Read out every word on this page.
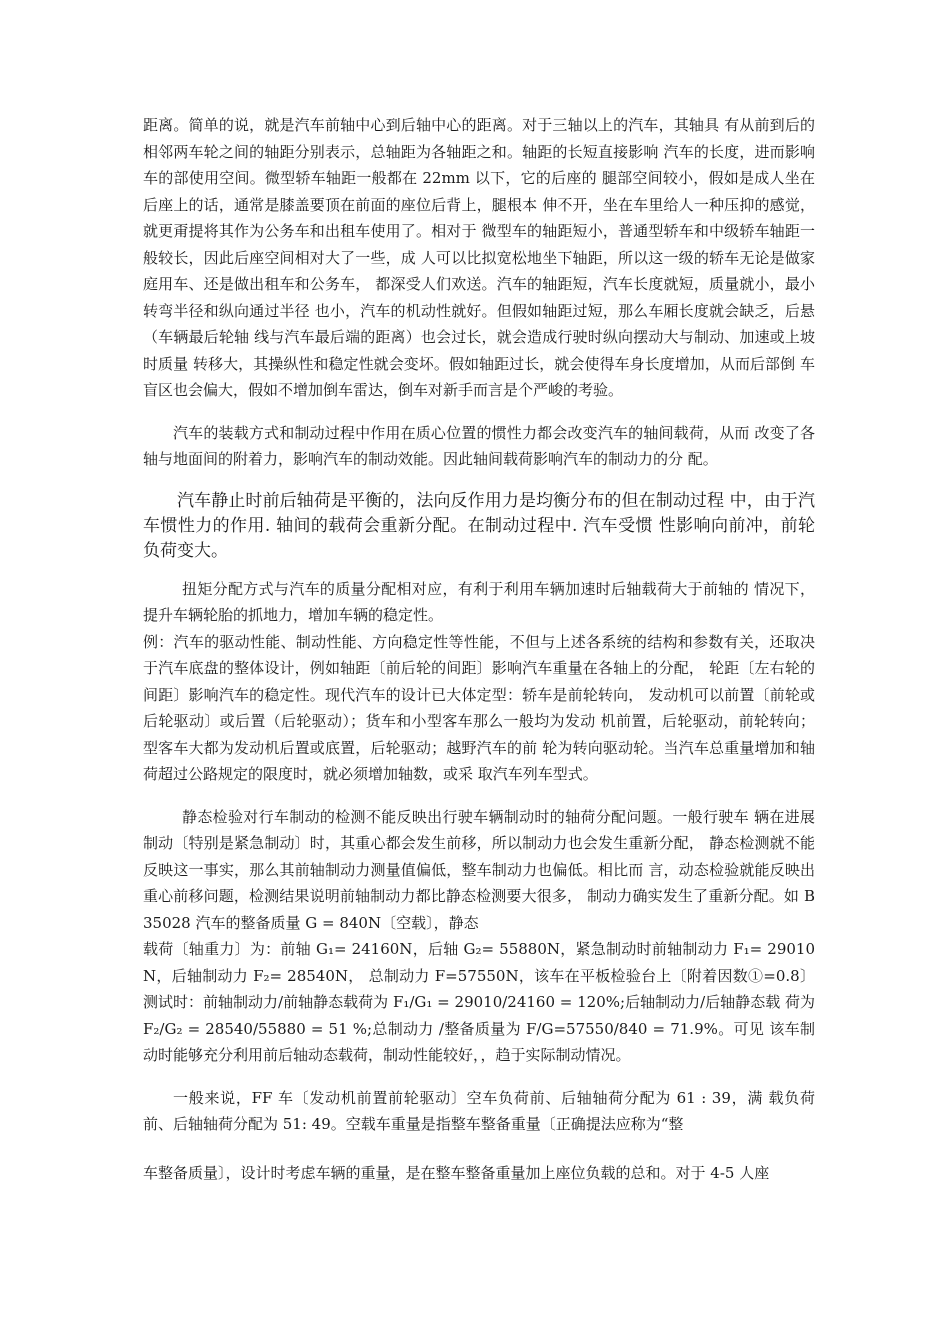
距离。简单的说，就是汽车前轴中心到后轴中心的距离。对于三轴以上的汽车，其轴具 有从前到后的相邻两车轮之间的轴距分别表示，总轴距为各轴距之和。轴距的长短直接影响 汽车的长度，进而影响车的部使用空间。微型轿车轴距一般都在 22mm 以下，它的后座的 腿部空间较小，假如是成人坐在后座上的话，通常是膝盖要顶在前面的座位后背上，腿根本 伸不开，坐在车里给人一种压抑的感觉，就更甭提将其作为公务车和出租车使用了。相对于 微型车的轴距短小，普通型轿车和中级轿车轴距一般较长，因此后座空间相对大了一些，成 人可以比拟宽松地坐下轴距，所以这一级的轿车无论是做家庭用车、还是做出租车和公务车， 都深受人们欢送。汽车的轴距短，汽车长度就短，质量就小，最小转弯半径和纵向通过半径 也小，汽车的机动性就好。但假如轴距过短，那么车厢长度就会缺乏，后悬（车辆最后轮轴 线与汽车最后端的距离）也会过长，就会造成行驶时纵向摆动大与制动、加速或上坡时质量 转移大，其操纵性和稳定性就会变坏。假如轴距过长，就会使得车身长度增加，从而后部倒 车盲区也会偏大，假如不增加倒车雷达，倒车对新手而言是个严峻的考验。

汽车的装载方式和制动过程中作用在质心位置的惯性力都会改变汽车的轴间载荷，从而 改变了各轴与地面间的附着力，影响汽车的制动效能。因此轴间载荷影响汽车的制动力的分 配。

汽车静止时前后轴荷是平衡的，法向反作用力是均衡分布的但在制动过程 中，由于汽车惯性力的作用. 轴间的载荷会重新分配。在制动过程中. 汽车受惯 性影响向前冲，前轮负荷变大。

扭矩分配方式与汽车的质量分配相对应，有利于利用车辆加速时后轴载荷大于前轴的 情况下，提升车辆轮胎的抓地力，增加车辆的稳定性。

例：汽车的驱动性能、制动性能、方向稳定性等性能，不但与上述各系统的结构和参数有关，还取决于汽车底盘的整体设计，例如轴距〔前后轮的间距〕影响汽车重量在各轴上的分配， 轮距〔左右轮的间距〕影响汽车的稳定性。现代汽车的设计已大体定型：轿车是前轮转向， 发动机可以前置〔前轮或后轮驱动〕或后置（后轮驱动）；货车和小型客车那么一般均为发动 机前置，后轮驱动，前轮转向；型客车大都为发动机后置或底置，后轮驱动；越野汽车的前 轮为转向驱动轮。当汽车总重量增加和轴荷超过公路规定的限度时，就必须增加轴数，或采 取汽车列车型式。

静态检验对行车制动的检测不能反映出行驶车辆制动时的轴荷分配问题。一般行驶车 辆在进展制动〔特别是紧急制动〕时，其重心都会发生前移，所以制动力也会发生重新分配， 静态检测就不能反映这一事实，那么其前轴制动力测量值偏低，整车制动力也偏低。相比而 言，动态检验就能反映出重心前移问题，检测结果说明前轴制动力都比静态检测要大很多， 制动力确实发生了重新分配。如 B35028 汽车的整备质量 G = 840N〔空载〕，静态

载荷〔轴重力〕为：前轴 G₁= 24160N，后轴 G₂= 55880N，紧急制动时前轴制动力 F₁= 29010N，后轴制动力 F₂= 28540N， 总制动力 F=57550N，该车在平板检验台上〔附着因数①=0.8〕测试时：前轴制动力/前轴静态载荷为 F₁/G₁ = 29010/24160 = 120%;后轴制动力/后轴静态载 荷为 F₂/G₂ = 28540/55880 = 51 %;总制动力 /整备质量为 F/G=57550/840 = 71.9%。可见 该车制动时能够充分利用前后轴动态载荷，制动性能较好，，趋于实际制动情况。

一般来说，FF 车〔发动机前置前轮驱动〕空车负荷前、后轴轴荷分配为 61 : 39，满 载负荷前、后轴轴荷分配为 51: 49。空载车重量是指整车整备重量〔正确提法应称为“整

车整备质量〕，设计时考虑车辆的重量，是在整车整备重量加上座位负载的总和。对于 4-5 人座
